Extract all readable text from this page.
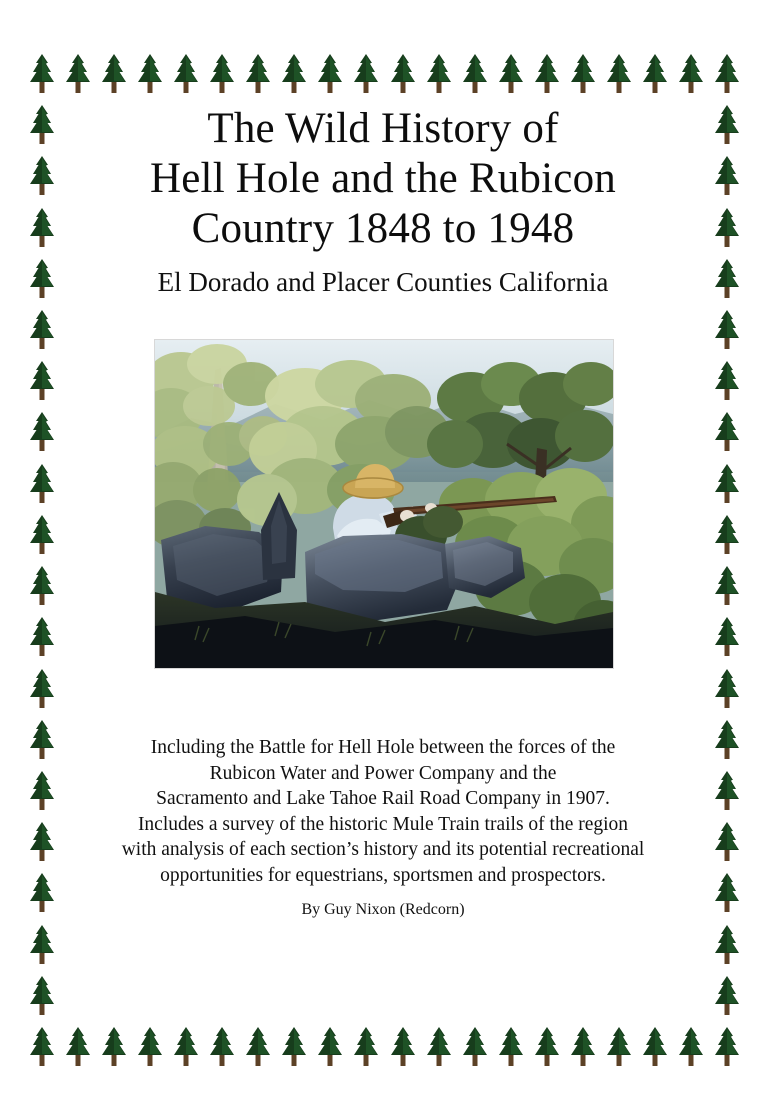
The Wild History of
Hell Hole and the Rubicon
Country 1848 to 1948
El Dorado and Placer Counties California
Including the Battle for Hell Hole between the forces of the
Rubicon Water and Power Company and the
Sacramento and Lake Tahoe Rail Road Company in 1907.
Includes a survey of the historic Mule Train trails of the region
with analysis of each section’s history and its potential recreational
opportunities for equestrians, sportsmen and prospectors.
By Guy Nixon (Redcorn)
